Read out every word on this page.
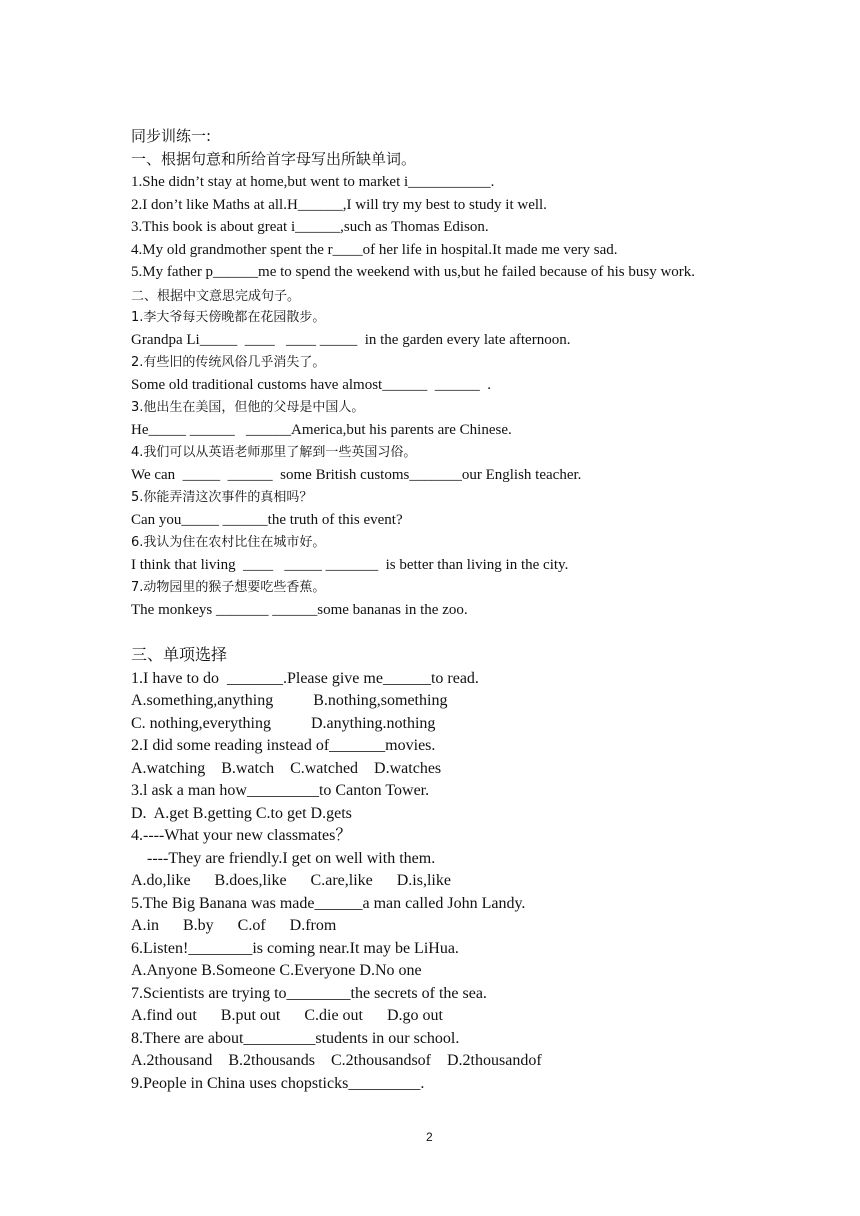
同步训练一:
一、根据句意和所给首字母写出所缺单词。
1.She didn’t stay at home,but went to market i___________.
2.I don’t like Maths at all.H______,I will try my best to study it well.
3.This book is about great i______,such as Thomas Edison.
4.My old grandmother spent the r____of her life in hospital.It made me very sad.
5.My father p______me to spend the weekend with us,but he failed because of his busy work.
二、根据中文意思完成句子。
1.李大爷每天傍晚都在花园散步。
Grandpa Li_____  ____   ____ _____  in the garden every late afternoon.
2.有些旧的传统风俗几乎消失了。
Some old traditional customs have almost______  ______  .
3.他出生在美国，但他的父母是中国人。
He_____ ______   ______America,but his parents are Chinese.
4.我们可以从英语老师那里了解到一些英国习俗。
We can  _____  ______  some British customs_______our English teacher.
5.你能弄清这次事件的真相吗？
Can you_____ ______the truth of this event?
6.我认为住在农村比住在城市好。
I think that living  ____   _____ _______  is better than living in the city.
7.动物园里的猴子想要吃些香蕉。
The monkeys _______ ______some bananas in the zoo.
三、单项选择
1.I have to do  _______.Please give me______to read.
A.something,anything          B.nothing,something
C. nothing,everything          D.anything.nothing
2.I did some reading instead of_______movies.
A.watching    B.watch    C.watched    D.watches
3.l ask a man how_________to Canton Tower.
D.  A.get B.getting C.to get D.gets
4.----What your new classmates？
----They are friendly.I get on well with them.
A.do,like      B.does,like      C.are,like      D.is,like
5.The Big Banana was made______a man called John Landy.
A.in      B.by      C.of      D.from
6.Listen!________is coming near.It may be LiHua.
A.Anyone B.Someone C.Everyone D.No one
7.Scientists are trying to________the secrets of the sea.
A.find out      B.put out      C.die out      D.go out
8.There are about_________students in our school.
A.2thousand    B.2thousands    C.2thousandsof    D.2thousandof
9.People in China uses chopsticks_________.
2
